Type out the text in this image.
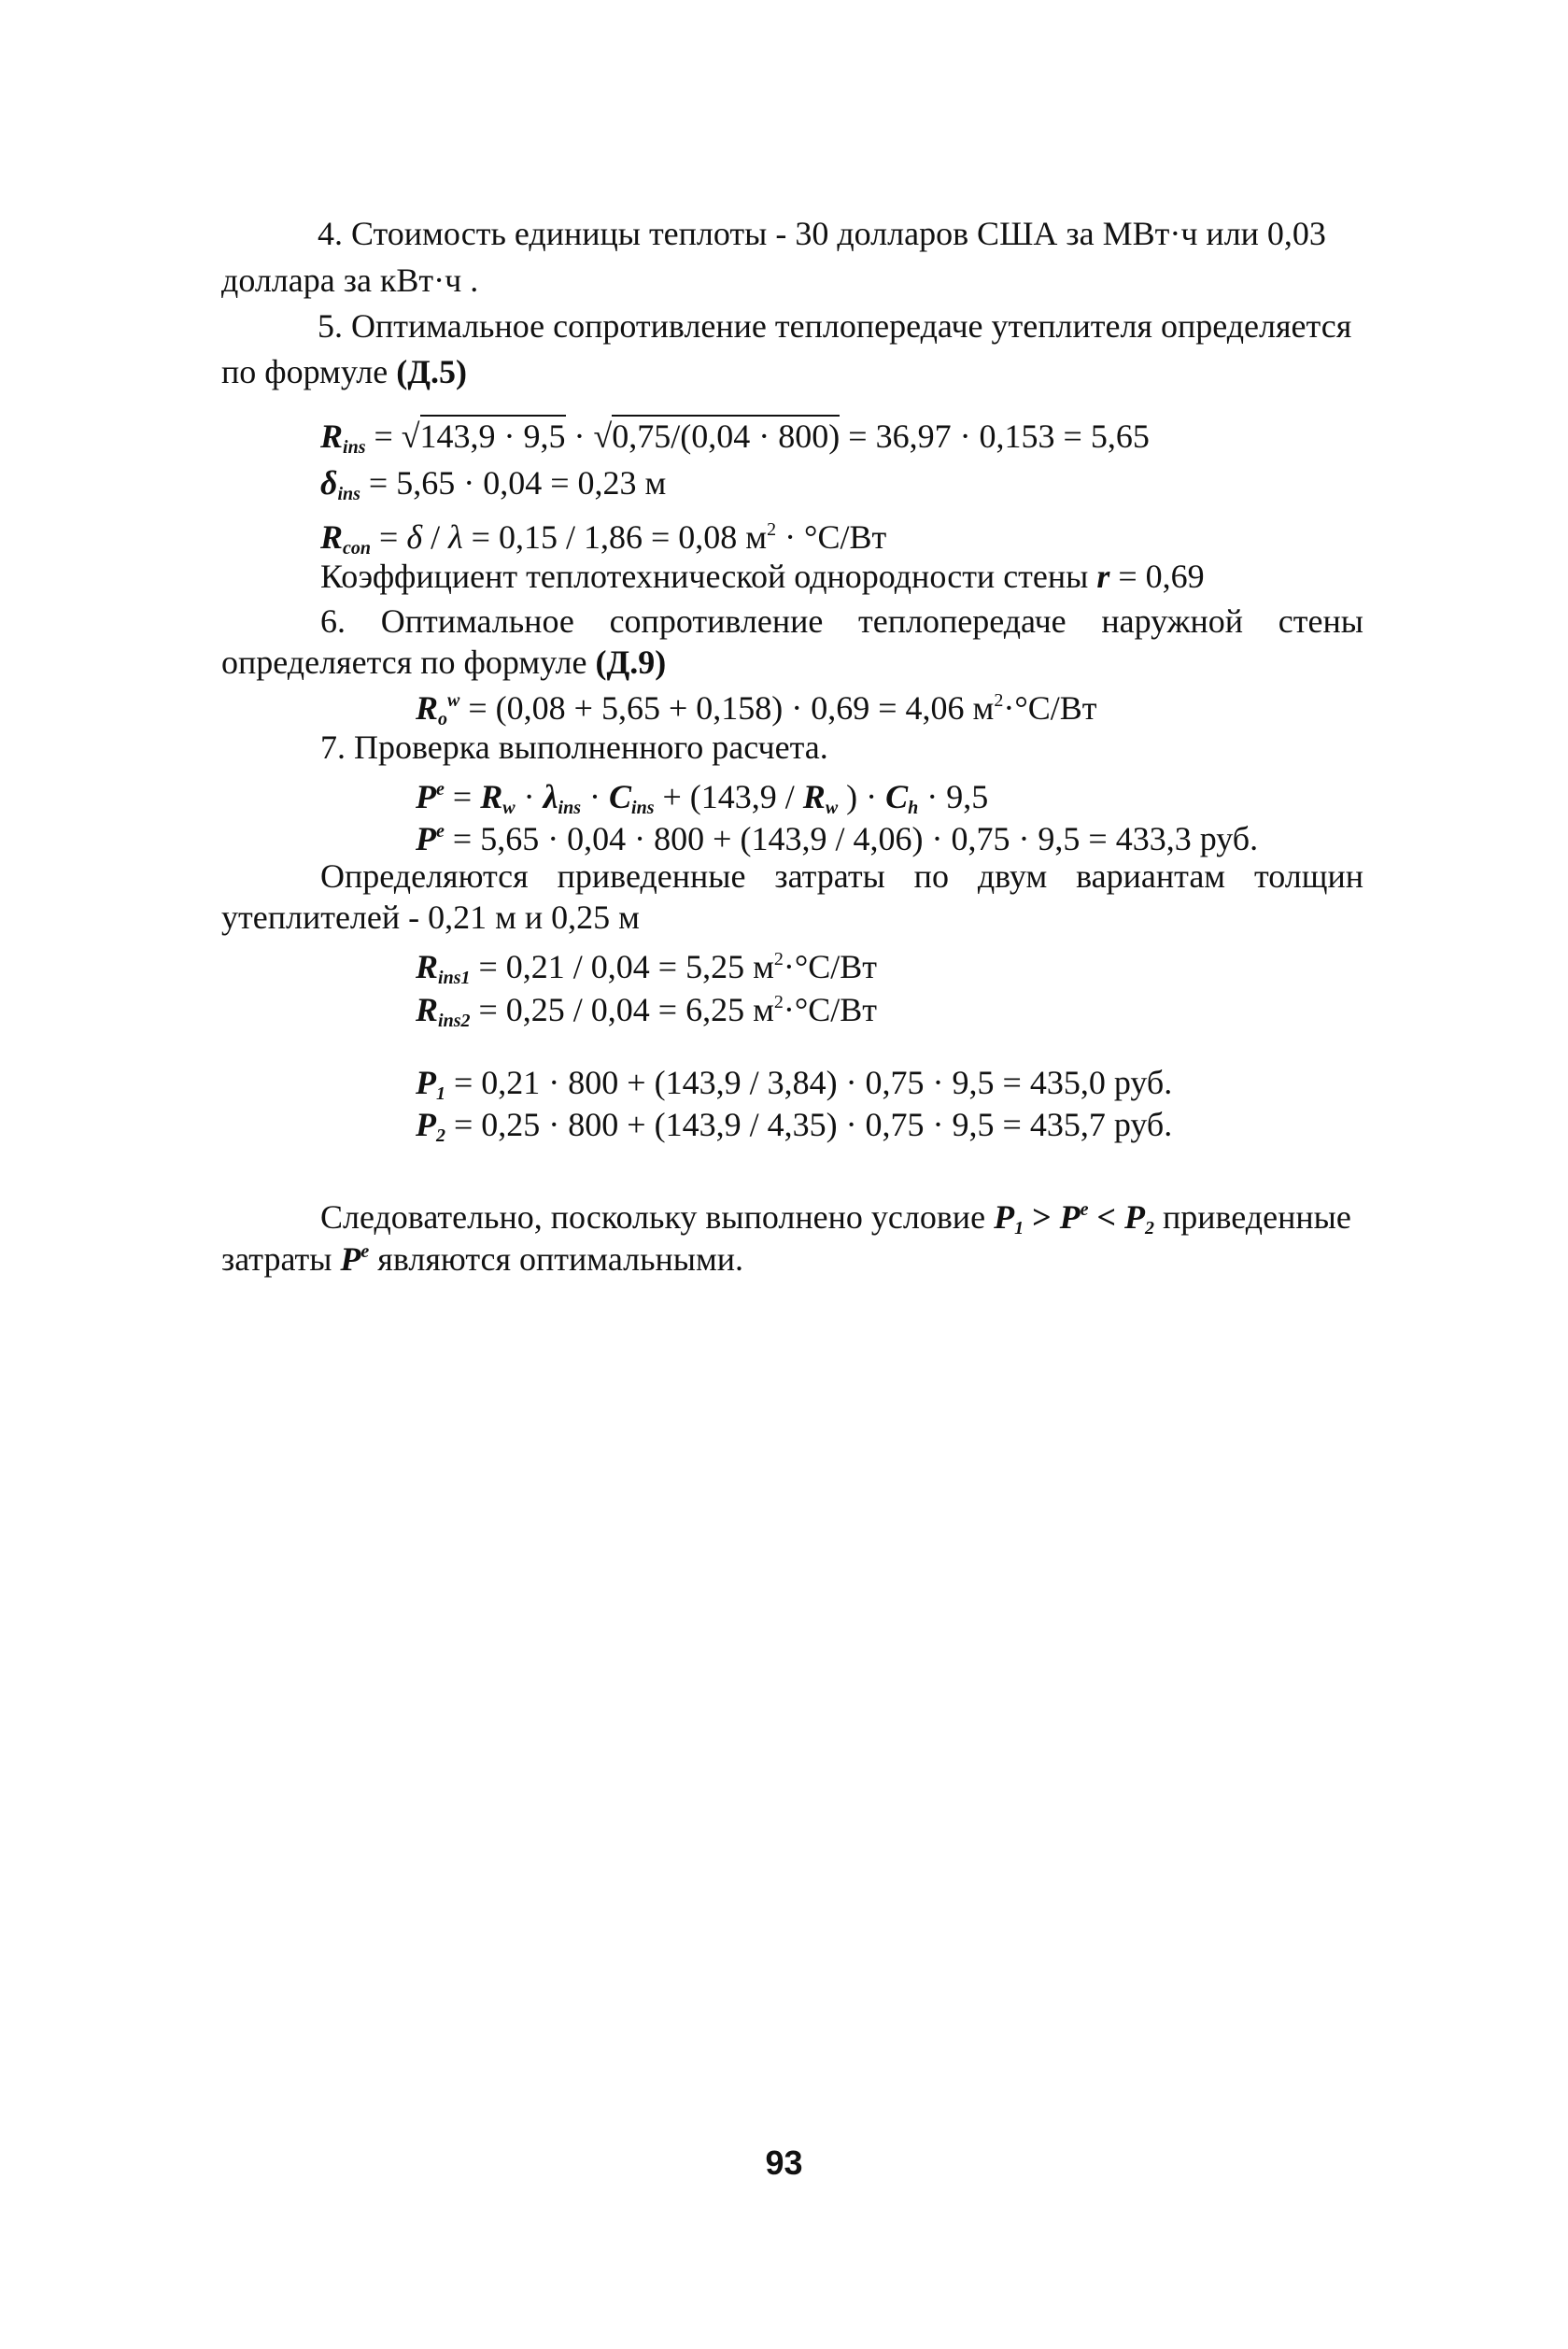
4. Стоимость единицы теплоты - 30 долларов США за МВт·ч или 0,03
доллара за кВт·ч .
5. Оптимальное сопротивление теплопередаче утеплителя определяется
по формуле (Д.5)
$R_{ins} = √143,9 \cdot 9,5 \cdot √0,75/(0,04 \cdot 800) = 36,97 \cdot 0,153 = 5,65$
$\delta_{ins} = 5,65 \cdot 0,04 = 0,23$ м
$R_{con} = \delta / \lambda = 0,15 / 1,86 = 0,08$ $м^2 \cdot ^\circ С/Вт$
Коэффициент теплотехнической однородности стены r = 0,69
6. Оптимальное сопротивление теплопередаче наружной стены
определяется по формуле (Д.9)
$R_o^w = (0,08 + 5,65 + 0,158) \cdot 0,69 = 4,06$ $м^2\cdot^\circ С/Вт$
7. Проверка выполненного расчета.
$P^e = R_w \cdot \lambda_{ins} \cdot C_{ins} + (143,9 / R_w$ ) · $C_h \cdot 9,5$
$P^e = 5,65 \cdot 0,04 \cdot 800 + (143,9 / 4,06) \cdot 0,75 \cdot 9,5 = 433,3$ руб.
Определяются приведенные затраты по двум вариантам толщин
утеплителей - 0,21 м и 0,25 м
$R_{ins1} = 0,21 / 0,04 = 5,25$ $м^2\cdot^\circ С/Вт$
$R_{ins2} = 0,25 / 0,04 = 6,25$ $м^2\cdot^\circ С/Вт$
$P_1 = 0,21 \cdot 800 + (143,9 / 3,84) \cdot 0,75 \cdot 9,5 = 435,0$ руб.
$P_2 = 0,25 \cdot 800 + (143,9 / 4,35) \cdot 0,75 \cdot 9,5 = 435,7$ руб.
Следовательно, поскольку выполнено условие $P_1 > P^e < P_2$ приведенные
затраты $P^e$ являются оптимальными.
93
